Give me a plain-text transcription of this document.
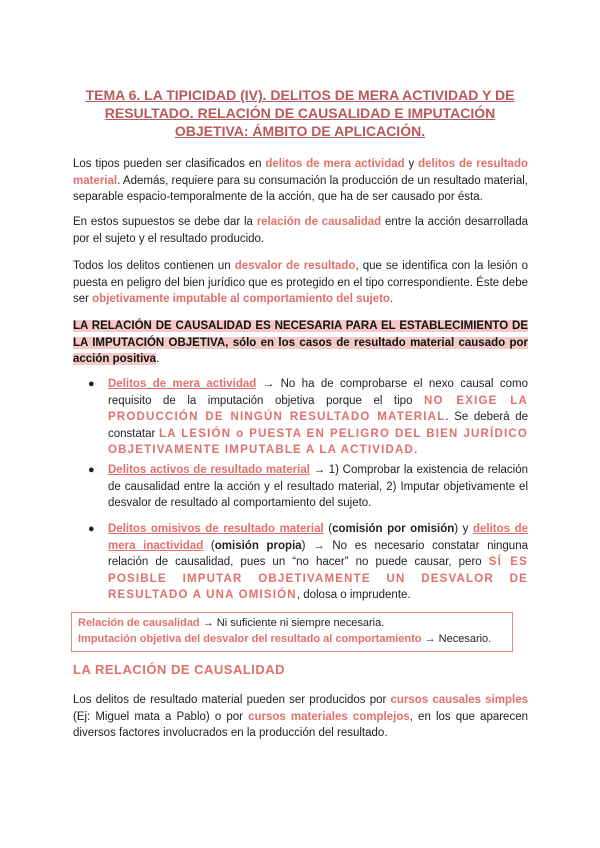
TEMA 6. LA TIPICIDAD (IV). DELITOS DE MERA ACTIVIDAD Y DE RESULTADO. RELACIÓN DE CAUSALIDAD E IMPUTACIÓN OBJETIVA: ÁMBITO DE APLICACIÓN.

Los tipos pueden ser clasificados en delitos de mera actividad y delitos de resultado material. Además, requiere para su consumación la producción de un resultado material, separable espacio-temporalmente de la acción, que ha de ser causado por ésta.

En estos supuestos se debe dar la relación de causalidad entre la acción desarrollada por el sujeto y el resultado producido.

Todos los delitos contienen un desvalor de resultado, que se identifica con la lesión o puesta en peligro del bien jurídico que es protegido en el tipo correspondiente. Éste debe ser objetivamente imputable al comportamiento del sujeto.

LA RELACIÓN DE CAUSALIDAD ES NECESARIA PARA EL ESTABLECIMIENTO DE LA IMPUTACIÓN OBJETIVA, sólo en los casos de resultado material causado por acción positiva.

● Delitos de mera actividad → No ha de comprobarse el nexo causal como requisito de la imputación objetiva porque el tipo NO EXIGE LA PRODUCCIÓN DE NINGÚN RESULTADO MATERIAL. Se deberá de constatar LA LESIÓN o PUESTA EN PELIGRO DEL BIEN JURÍDICO OBJETIVAMENTE IMPUTABLE A LA ACTIVIDAD.

● Delitos activos de resultado material → 1) Comprobar la existencia de relación de causalidad entre la acción y el resultado material, 2) Imputar objetivamente el desvalor de resultado al comportamiento del sujeto.

● Delitos omisivos de resultado material (comisión por omisión) y delitos de mera inactividad (omisión propia) → No es necesario constatar ninguna relación de causalidad, pues un “no hacer” no puede causar, pero SÍ ES POSIBLE IMPUTAR OBJETIVAMENTE UN DESVALOR DE RESULTADO A UNA OMISIÓN, dolosa o imprudente.

Relación de causalidad → Ni suficiente ni siempre necesaria.
Imputación objetiva del desvalor del resultado al comportamiento → Necesario.
LA RELACIÓN DE CAUSALIDAD

Los delitos de resultado material pueden ser producidos por cursos causales simples (Ej: Miguel mata a Pablo) o por cursos materiales complejos, en los que aparecen diversos factores involucrados en la producción del resultado.
